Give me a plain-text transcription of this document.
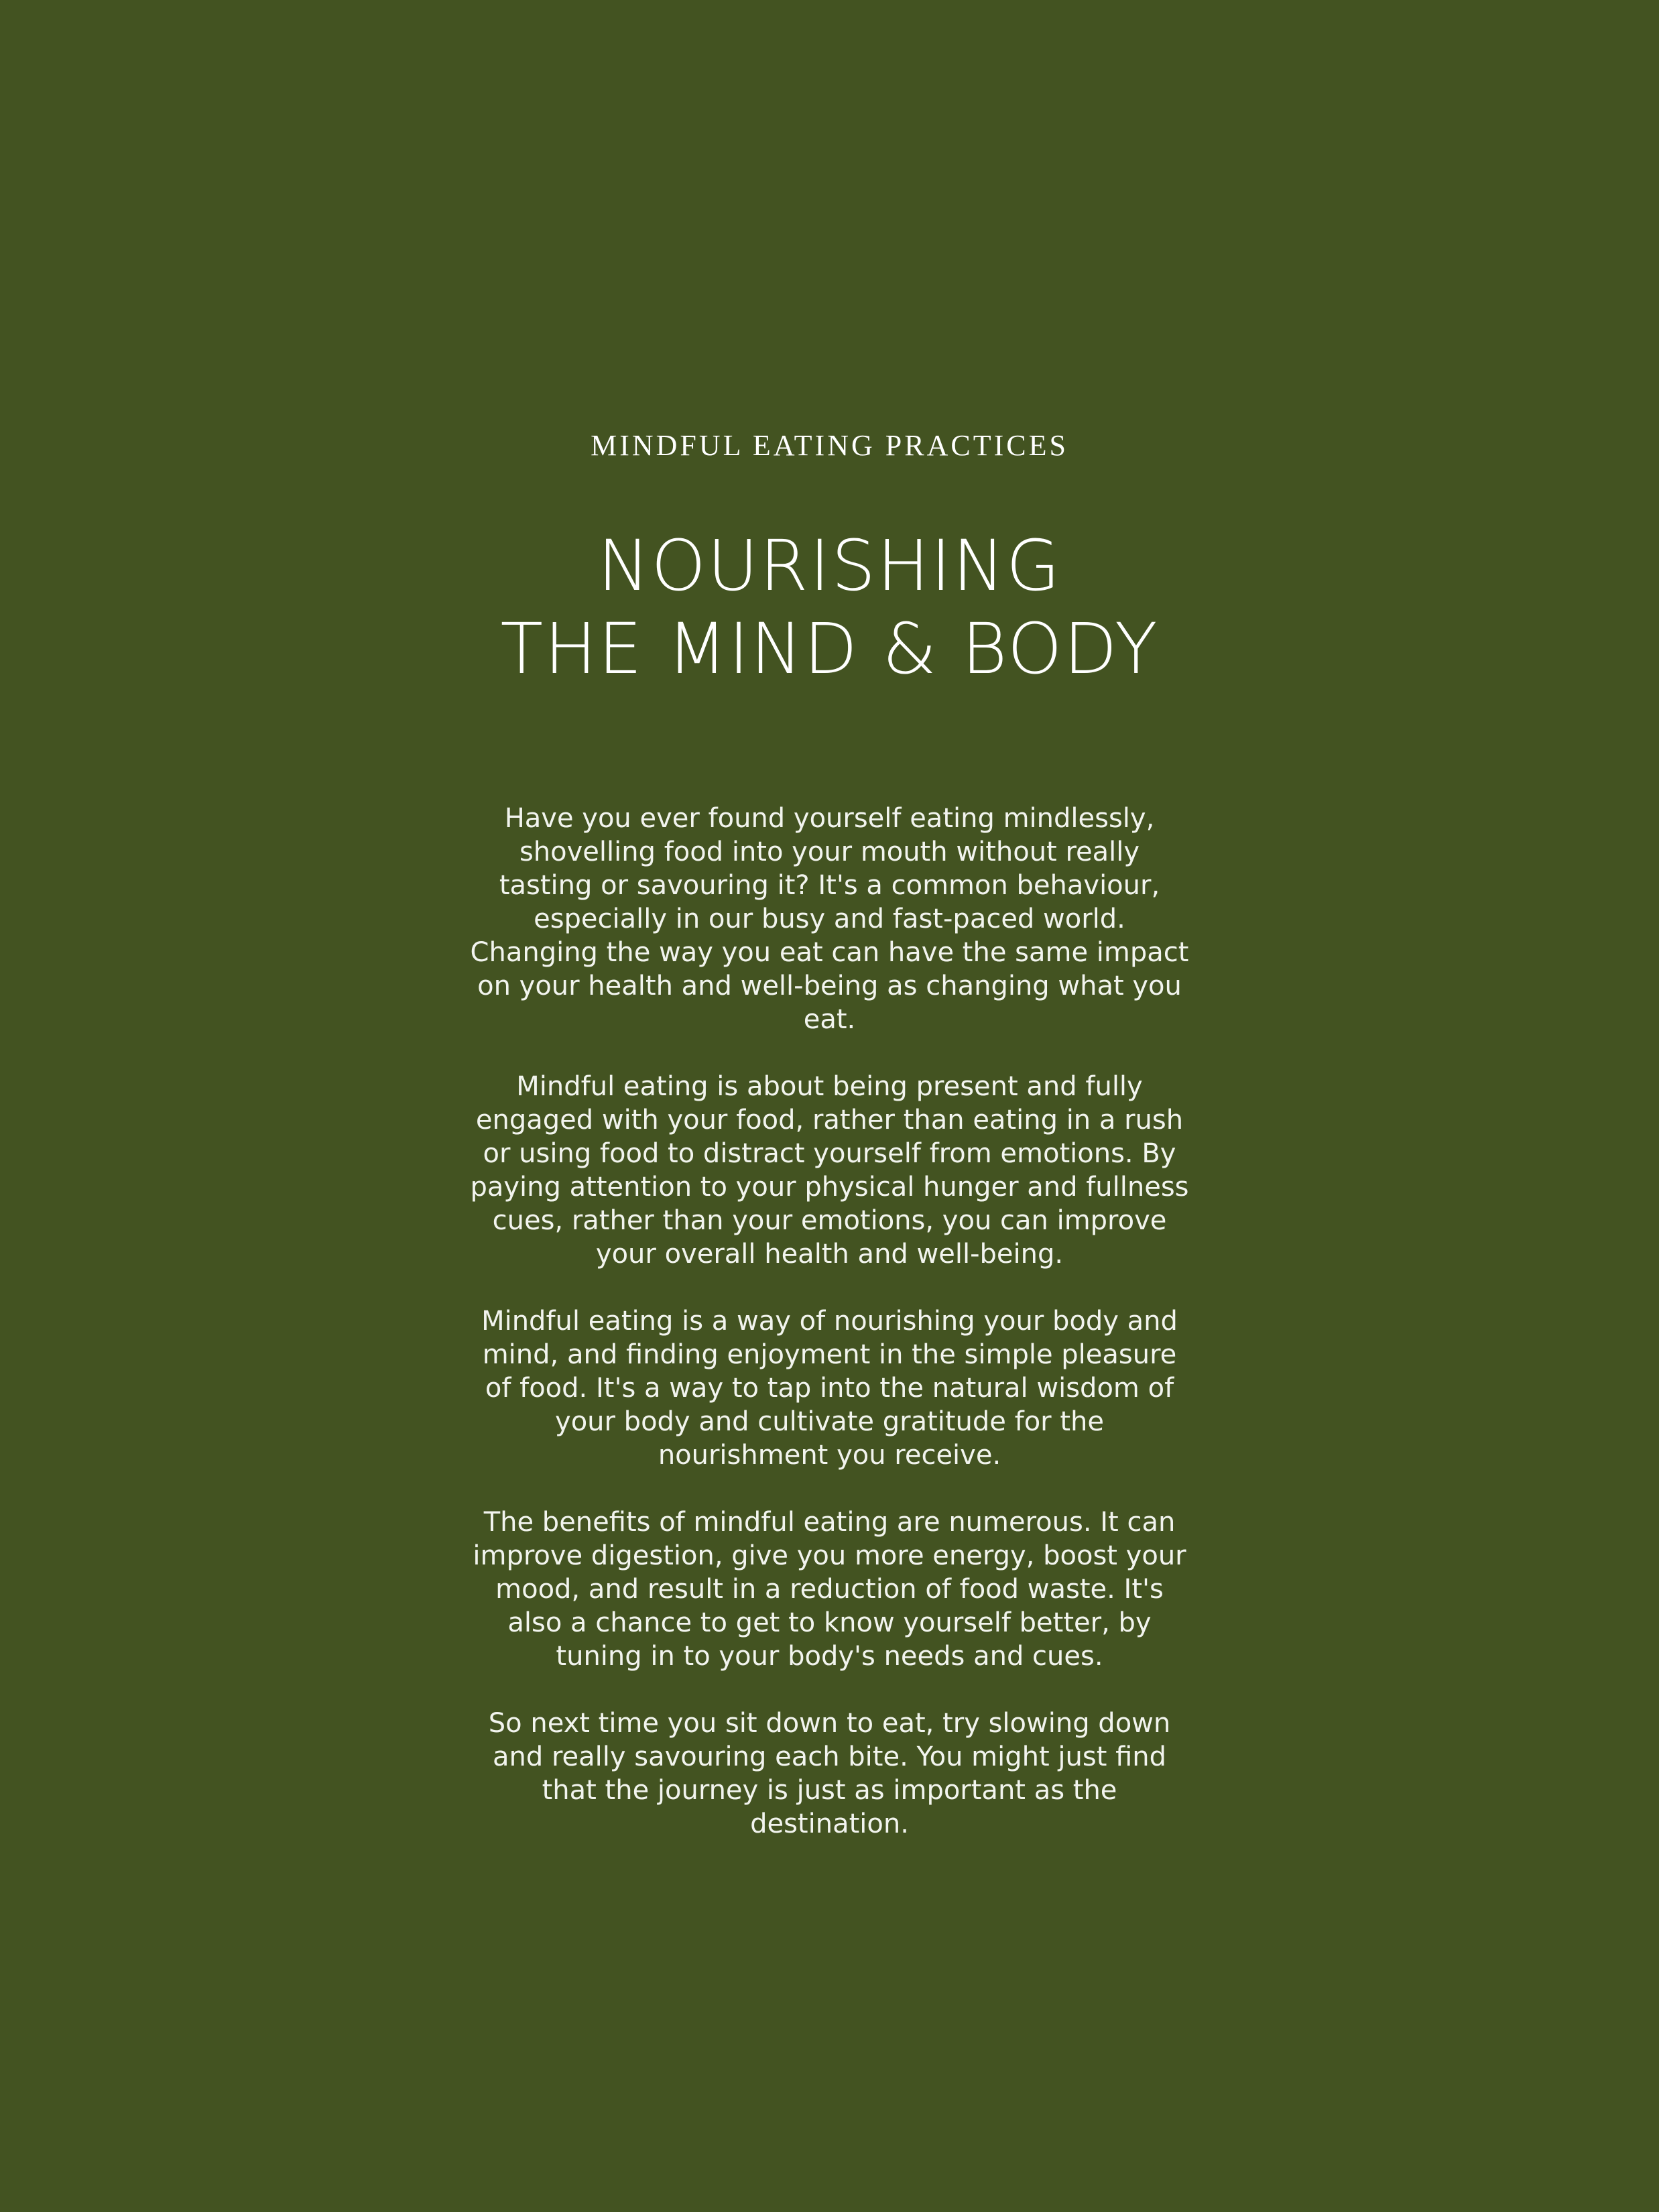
MINDFUL EATING PRACTICES
NOURISHING
THE MIND & BODY

Have you ever found yourself eating mindlessly, shovelling food into your mouth without really tasting or savouring it? It's a common behaviour, especially in our busy and fast-paced world. Changing the way you eat can have the same impact on your health and well-being as changing what you eat.

Mindful eating is about being present and fully engaged with your food, rather than eating in a rush or using food to distract yourself from emotions. By paying attention to your physical hunger and fullness cues, rather than your emotions, you can improve your overall health and well-being.

Mindful eating is a way of nourishing your body and mind, and finding enjoyment in the simple pleasure of food. It's a way to tap into the natural wisdom of your body and cultivate gratitude for the nourishment you receive.

The benefits of mindful eating are numerous. It can improve digestion, give you more energy, boost your mood, and result in a reduction of food waste. It's also a chance to get to know yourself better, by tuning in to your body's needs and cues.

So next time you sit down to eat, try slowing down and really savouring each bite. You might just find that the journey is just as important as the destination.
